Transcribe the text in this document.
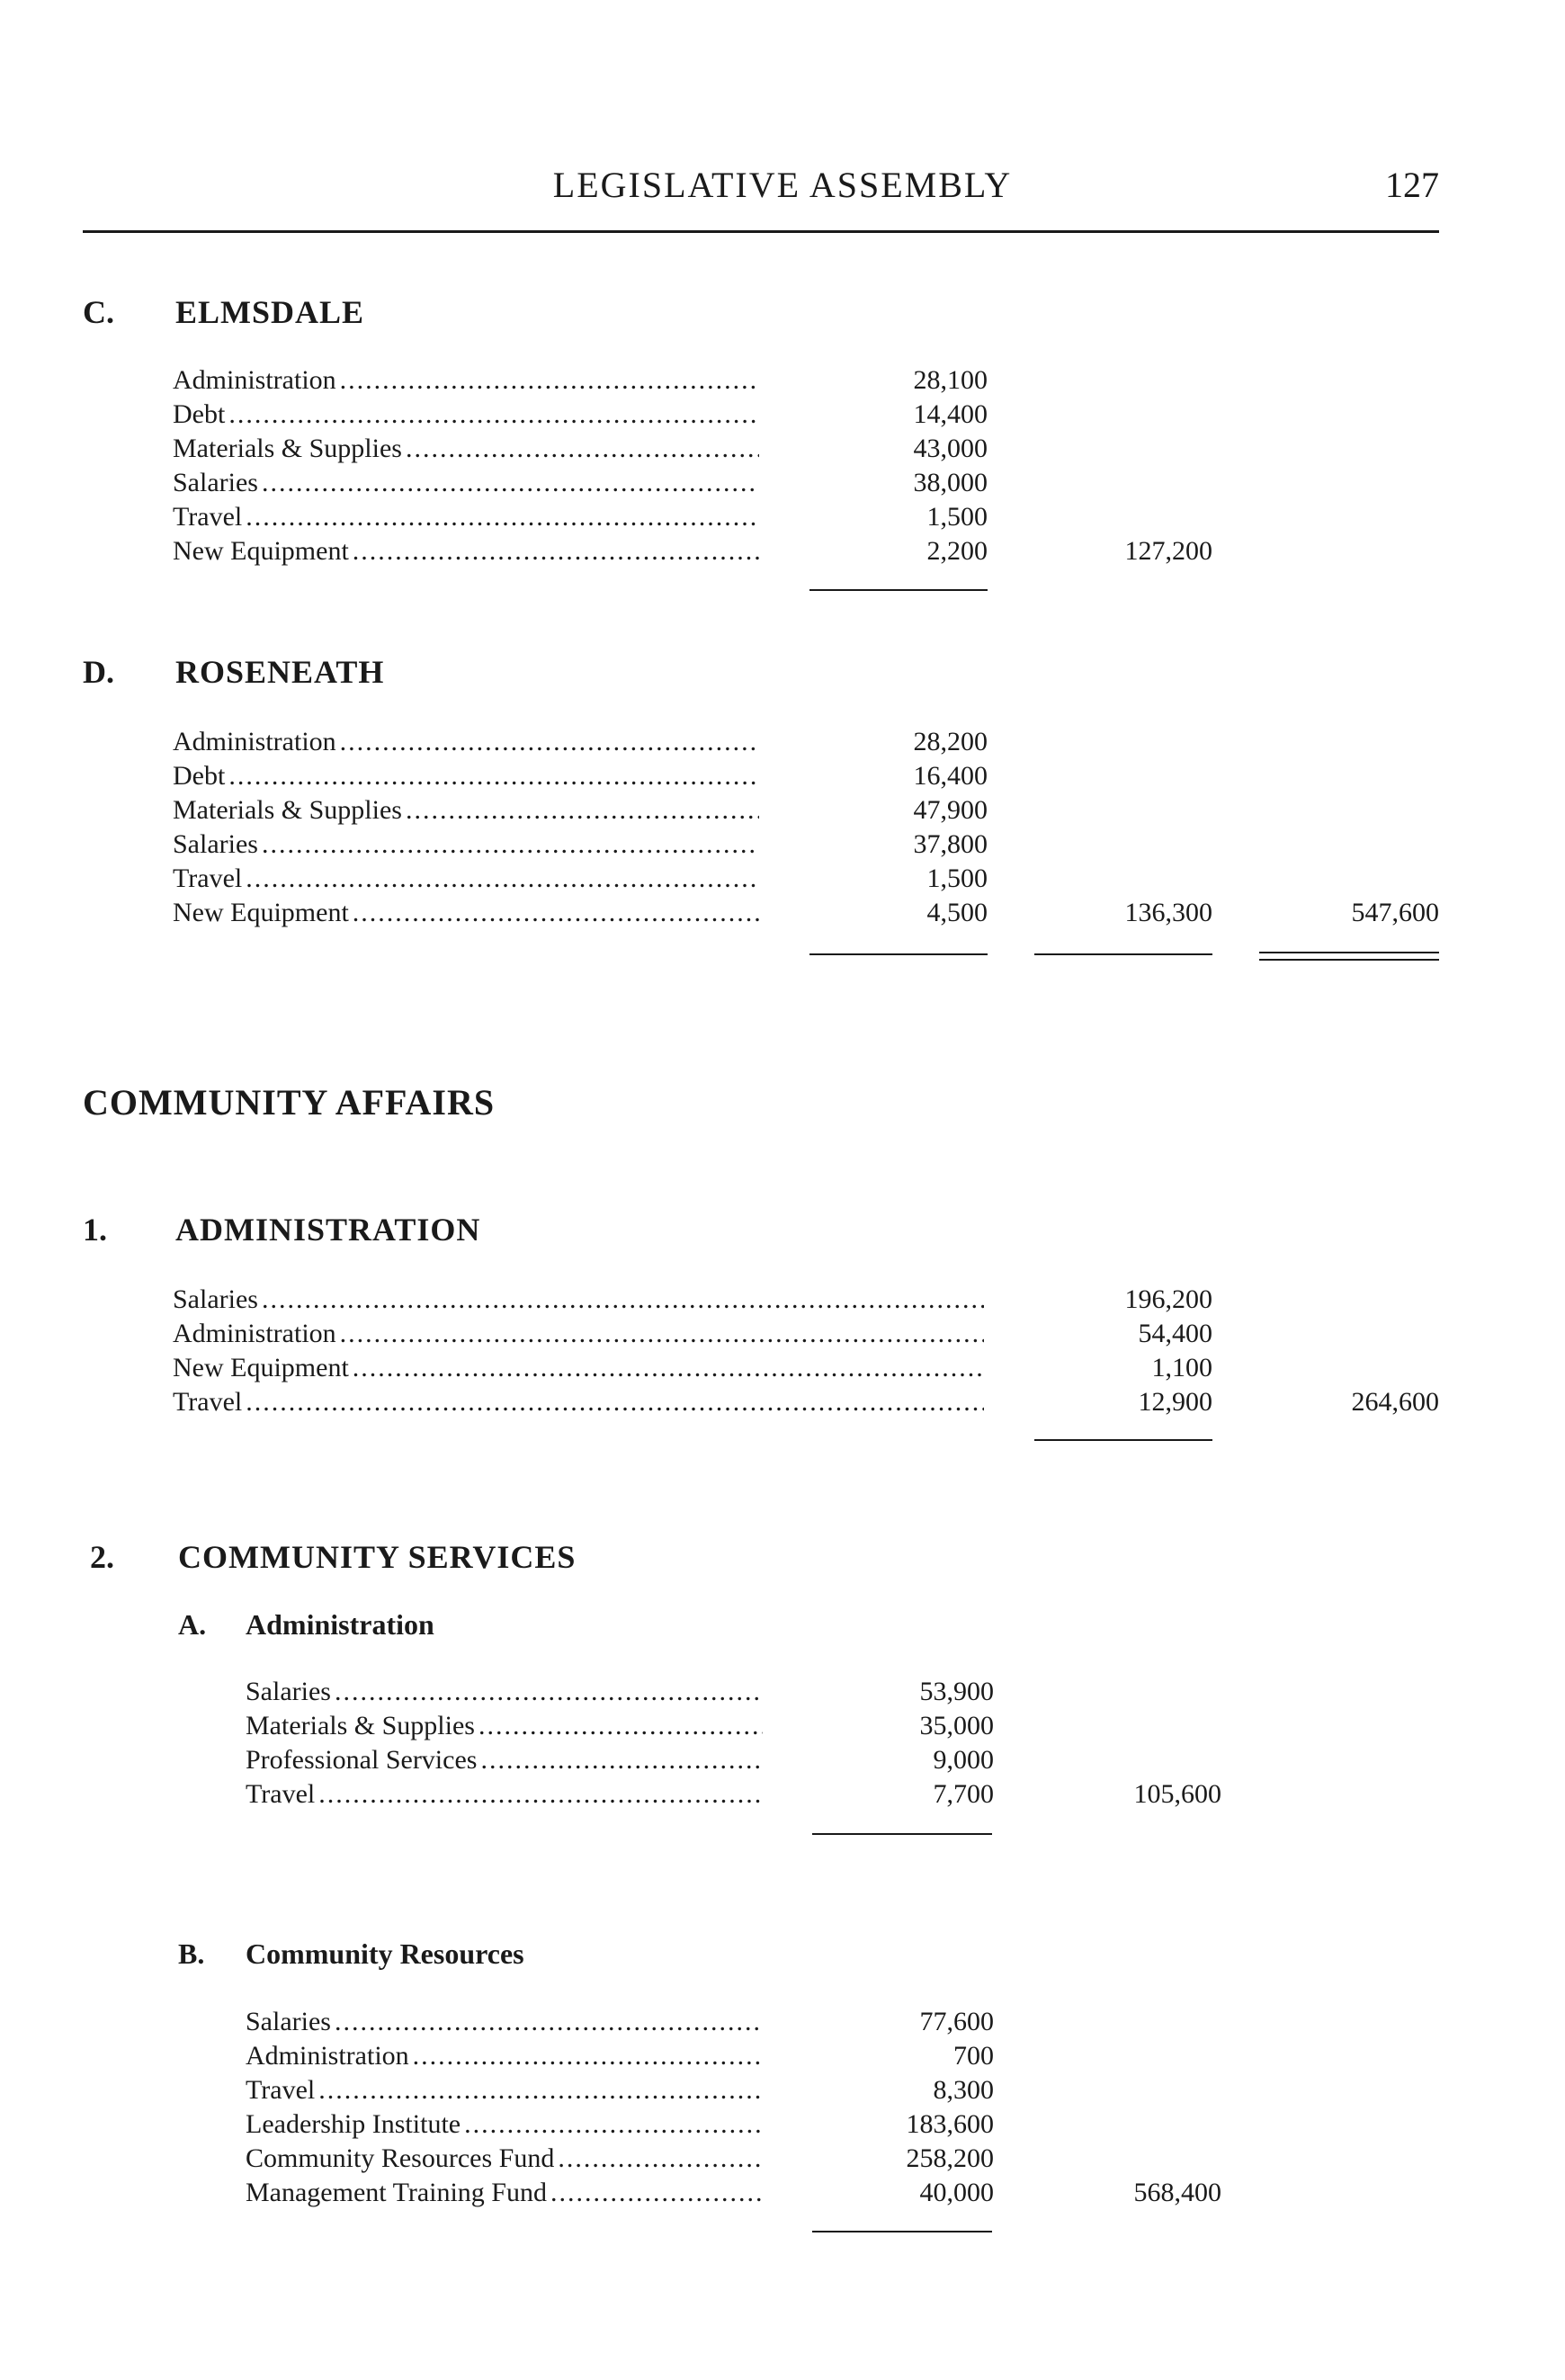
LEGISLATIVE ASSEMBLY	127
C. ELMSDALE
Administration .....	28,100
Debt .....	14,400
Materials & Supplies .....	43,000
Salaries .....	38,000
Travel .....	1,500
New Equipment .....	2,200	127,200
D. ROSENEATH
Administration .....	28,200
Debt .....	16,400
Materials & Supplies .....	47,900
Salaries .....	37,800
Travel .....	1,500
New Equipment .....	4,500	136,300	547,600
COMMUNITY AFFAIRS
1. ADMINISTRATION
Salaries .....	196,200
Administration .....	54,400
New Equipment .....	1,100
Travel .....	12,900	264,600
2. COMMUNITY SERVICES
A. Administration
Salaries .....	53,900
Materials & Supplies .....	35,000
Professional Services .....	9,000
Travel .....	7,700	105,600
B. Community Resources
Salaries .....	77,600
Administration .....	700
Travel .....	8,300
Leadership Institute .....	183,600
Community Resources Fund .....	258,200
Management Training Fund .....	40,000	568,400
